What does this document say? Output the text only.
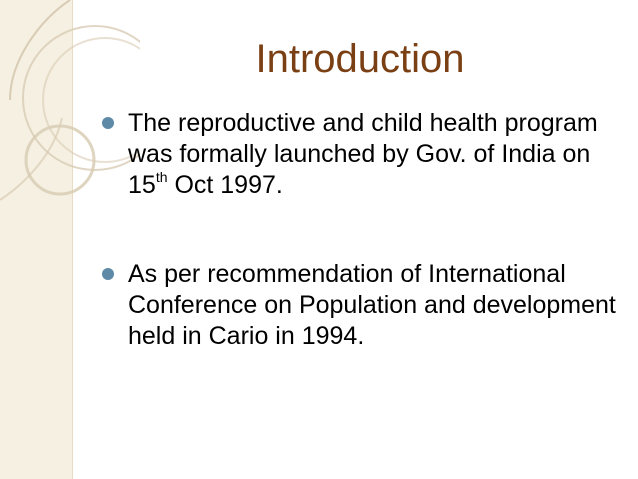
Introduction
The reproductive and child health program was formally launched by Gov. of India on 15th Oct 1997.
As per recommendation of International Conference on Population and development held in Cario in 1994.
